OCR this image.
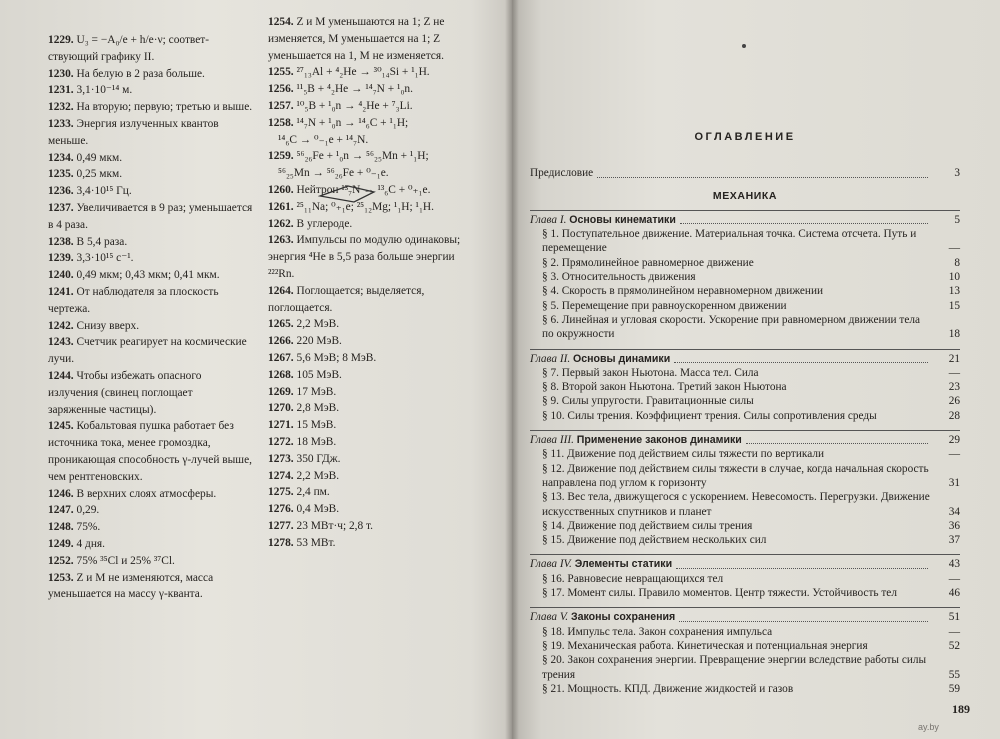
1229. U₃ = −A₀/e + h/e·ν; соответ-ствующий графику II.
1230. На белую в 2 раза больше.
1231. 3,1·10⁻¹⁴ м.
1232. На вторую; первую; третью и выше.
1233. Энергия излученных квантов меньше.
1234. 0,49 мкм.
1235. 0,25 мкм.
1236. 3,4·10¹⁵ Гц.
1237. Увеличивается в 9 раз; уменьшается в 4 раза.
1238. В 5,4 раза.
1239. 3,3·10¹⁵ с⁻¹.
1240. 0,49 мкм; 0,43 мкм; 0,41 мкм.
1241. От наблюдателя за плоскость чертежа.
1242. Снизу вверх.
1243. Счетчик реагирует на космические лучи.
1244. Чтобы избежать опасного излучения (свинец поглощает заряженные частицы).
1245. Кобальтовая пушка работает без источника тока, менее громоздка, проникающая способность γ-лучей выше, чем рентгеновских.
1246. В верхних слоях атмосферы.
1247. 0,29.
1248. 75%.
1249. 4 дня.
1252. 75% ³⁵Cl и 25% ³⁷Cl.
1253. Z и M не изменяются, масса уменьшается на массу γ-кванта.
1254. Z и M уменьшаются на 1; Z не изменяется, M уменьшается на 1; Z уменьшается на 1, M не изменяется.
1255. ²⁷₁₃Al + ⁴₂He → ³⁰₁₄Si + ¹₁H.
1256. ¹¹₅B + ⁴₂He → ¹⁴₇N + ¹₀n.
1257. ¹⁰₅B + ¹₀n → ⁴₂He + ⁷₃Li.
1258. ¹⁴₇N + ¹₀n → ¹⁴₆C + ¹₁H;
¹⁴₆C → ⁰₋₁e + ¹⁴₇N.
1259. ⁵⁶₂₆Fe + ¹₀n → ⁵⁶₂₅Mn + ¹₁H;
⁵⁶₂₅Mn → ⁵⁶₂₆Fe + ⁰₋₁e.
1260. Нейтрон ¹³₇N → ¹³₆C + ⁰₊₁e.
1261. ²⁵₁₁Na; ⁰₊₁e; ²⁵₁₂Mg; ¹₁H; ¹₁H.
1262. В углероде.
1263. Импульсы по модулю одинаковы; энергия ⁴He в 5,5 раза больше энергии ²²²Rn.
1264. Поглощается; выделяется, поглощается.
1265. 2,2 МэВ.
1266. 220 МэВ.
1267. 5,6 МэВ; 8 МэВ.
1268. 105 МэВ.
1269. 17 МэВ.
1270. 2,8 МэВ.
1271. 15 МэВ.
1272. 18 МэВ.
1273. 350 ГДж.
1274. 2,2 МэВ.
1275. 2,4 пм.
1276. 0,4 МэВ.
1277. 23 МВт·ч; 2,8 т.
1278. 53 МВт.
ОГЛАВЛЕНИЕ
Предисловие	3
МЕХАНИКА
Глава I. Основы кинематики	5
§ 1. Поступательное движение. Материальная точка. Система отсчета. Путь и перемещение	—
§ 2. Прямолинейное равномерное движение	8
§ 3. Относительность движения	10
§ 4. Скорость в прямолинейном неравномерном движении	13
§ 5. Перемещение при равноускоренном движении	15
§ 6. Линейная и угловая скорости. Ускорение при равномерном движении тела по окружности	18
Глава II. Основы динамики	21
§ 7. Первый закон Ньютона. Масса тел. Сила	—
§ 8. Второй закон Ньютона. Третий закон Ньютона	23
§ 9. Силы упругости. Гравитационные силы	26
§ 10. Силы трения. Коэффициент трения. Силы сопротивления среды	28
Глава III. Применение законов динамики	29
§ 11. Движение под действием силы тяжести по вертикали	—
§ 12. Движение под действием силы тяжести в случае, когда начальная скорость направлена под углом к горизонту	31
§ 13. Вес тела, движущегося с ускорением. Невесомость. Перегрузки. Движение искусственных спутников и планет	34
§ 14. Движение под действием силы трения	36
§ 15. Движение под действием нескольких сил	37
Глава IV. Элементы статики	43
§ 16. Равновесие невращающихся тел	—
§ 17. Момент силы. Правило моментов. Центр тяжести. Устойчивость тел	46
Глава V. Законы сохранения	51
§ 18. Импульс тела. Закон сохранения импульса	—
§ 19. Механическая работа. Кинетическая и потенциальная энергия	52
§ 20. Закон сохранения энергии. Превращение энергии вследствие работы силы трения	55
§ 21. Мощность. КПД. Движение жидкостей и газов	59
189
ay.by
